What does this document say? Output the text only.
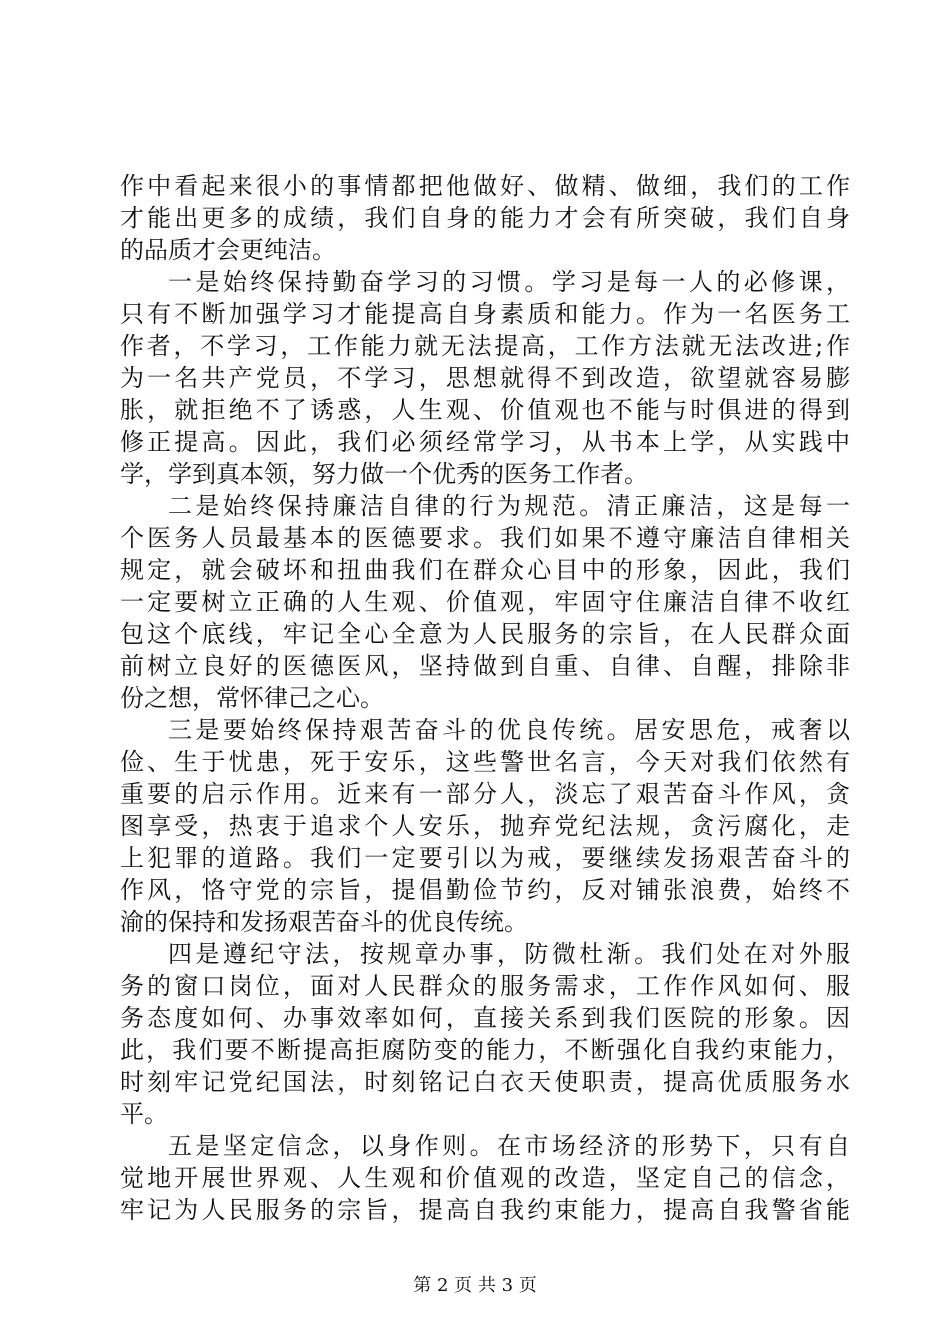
作中看起来很小的事情都把他做好、做精、做细，我们的工作
才能出更多的成绩，我们自身的能力才会有所突破，我们自身
的品质才会更纯洁。
一是始终保持勤奋学习的习惯。学习是每一人的必修课，
只有不断加强学习才能提高自身素质和能力。作为一名医务工
作者，不学习，工作能力就无法提高，工作方法就无法改进;作
为一名共产党员，不学习，思想就得不到改造，欲望就容易膨
胀，就拒绝不了诱惑，人生观、价值观也不能与时俱进的得到
修正提高。因此，我们必须经常学习，从书本上学，从实践中
学，学到真本领，努力做一个优秀的医务工作者。
二是始终保持廉洁自律的行为规范。清正廉洁，这是每一
个医务人员最基本的医德要求。我们如果不遵守廉洁自律相关
规定，就会破坏和扭曲我们在群众心目中的形象，因此，我们
一定要树立正确的人生观、价值观，牢固守住廉洁自律不收红
包这个底线，牢记全心全意为人民服务的宗旨，在人民群众面
前树立良好的医德医风，坚持做到自重、自律、自醒，排除非
份之想，常怀律己之心。
三是要始终保持艰苦奋斗的优良传统。居安思危，戒奢以
俭、生于忧患，死于安乐，这些警世名言，今天对我们依然有
重要的启示作用。近来有一部分人，淡忘了艰苦奋斗作风，贪
图享受，热衷于追求个人安乐，抛弃党纪法规，贪污腐化，走
上犯罪的道路。我们一定要引以为戒，要继续发扬艰苦奋斗的
作风，恪守党的宗旨，提倡勤俭节约，反对铺张浪费，始终不
渝的保持和发扬艰苦奋斗的优良传统。
四是遵纪守法，按规章办事，防微杜渐。我们处在对外服
务的窗口岗位，面对人民群众的服务需求，工作作风如何、服
务态度如何、办事效率如何，直接关系到我们医院的形象。因
此，我们要不断提高拒腐防变的能力，不断强化自我约束能力，
时刻牢记党纪国法，时刻铭记白衣天使职责，提高优质服务水
平。
五是坚定信念，以身作则。在市场经济的形势下，只有自
觉地开展世界观、人生观和价值观的改造，坚定自己的信念，
牢记为人民服务的宗旨，提高自我约束能力，提高自我警省能
第 2 页 共 3 页
